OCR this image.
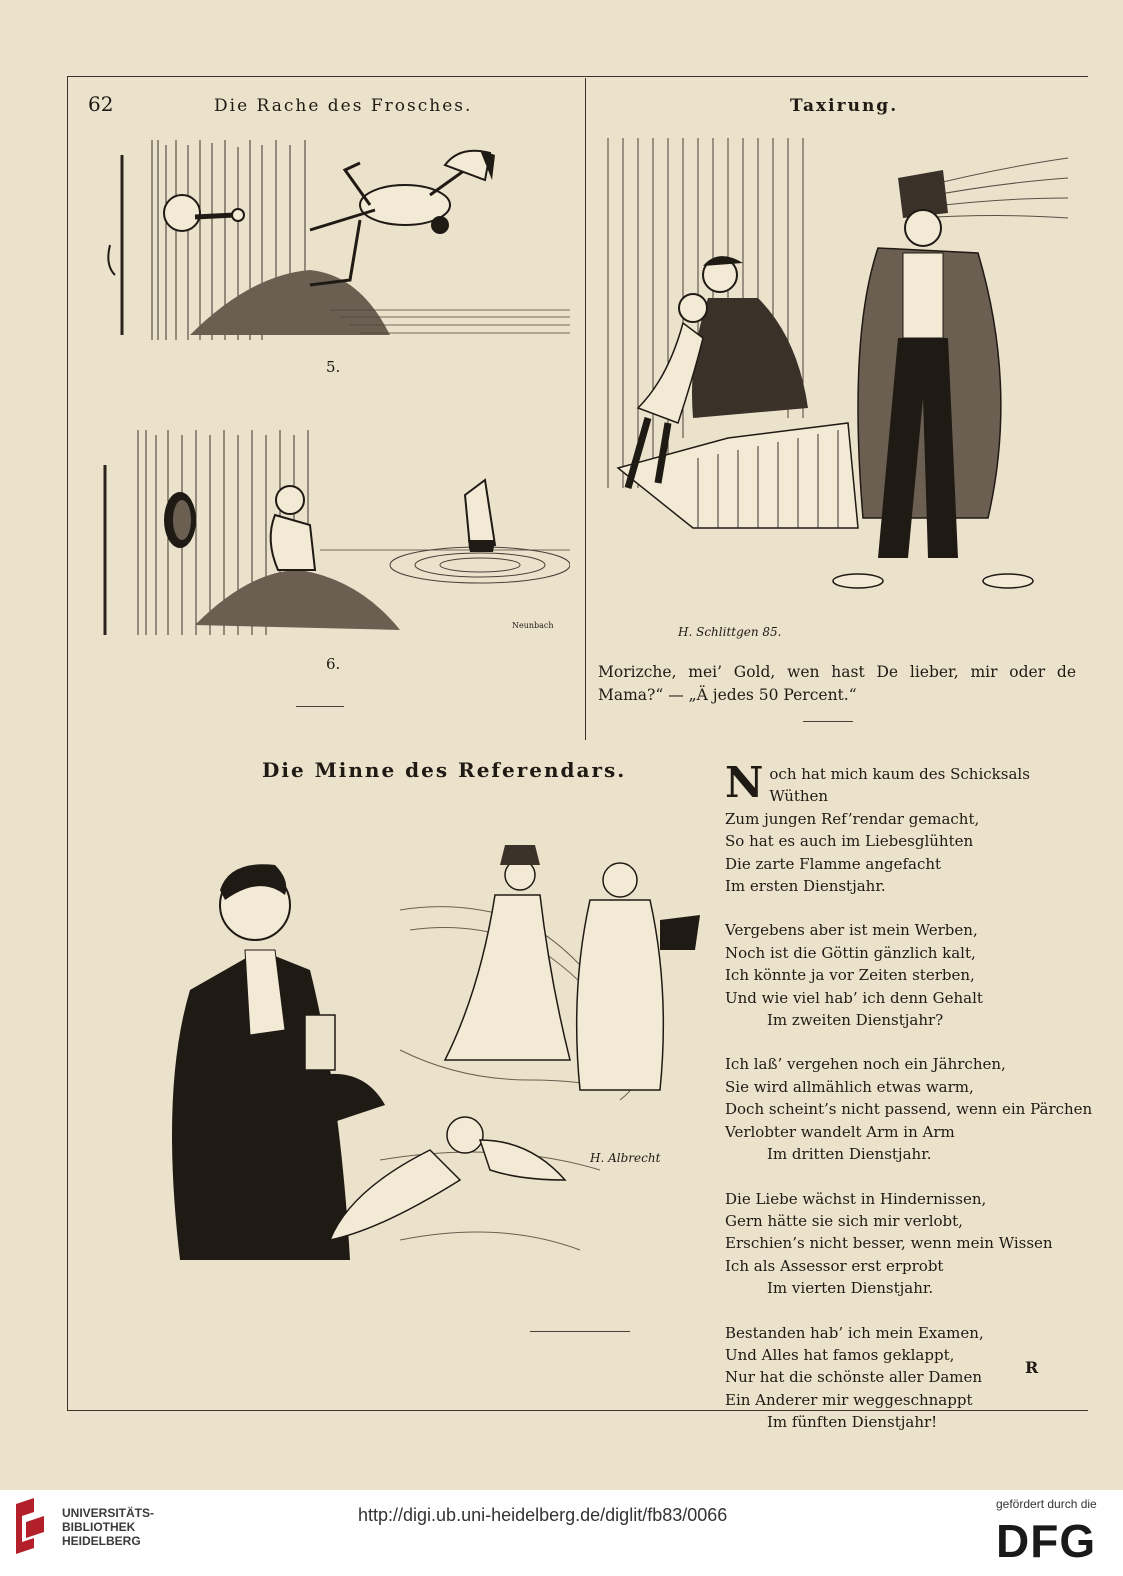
62	Die Rache des Frosches.	Taxirung.
5.
Neunbach
6.
H. Schlittgen 85.
Morizche, mei’ Gold, wen hast De lieber, mir oder de
Mama?“ — „Ä jedes 50 Percent.“
Die Minne des Referendars.
H. Albrecht
N och hat mich kaum des Schicksals Wüthen
Zum jungen Ref’rendar gemacht,
So hat es auch im Liebesglühten
Die zarte Flamme angefacht
Im ersten Dienstjahr.
Vergebens aber ist mein Werben,
Noch ist die Göttin gänzlich kalt,
Ich könnte ja vor Zeiten sterben,
Und wie viel hab’ ich denn Gehalt
Im zweiten Dienstjahr?
Ich laß’ vergehen noch ein Jährchen,
Sie wird allmählich etwas warm,
Doch scheint’s nicht passend, wenn ein Pärchen
Verlobter wandelt Arm in Arm
Im dritten Dienstjahr.
Die Liebe wächst in Hindernissen,
Gern hätte sie sich mir verlobt,
Erschien’s nicht besser, wenn mein Wissen
Ich als Assessor erst erprobt
Im vierten Dienstjahr.
Bestanden hab’ ich mein Examen,
Und Alles hat famos geklappt,
Nur hat die schönste aller Damen
Ein Anderer mir weggeschnappt
Im fünften Dienstjahr!
R
UNIVERSITÄTS-
BIBLIOTHEK
HEIDELBERG
http://digi.ub.uni-heidelberg.de/diglit/fb83/0066
gefördert durch die
DFG
